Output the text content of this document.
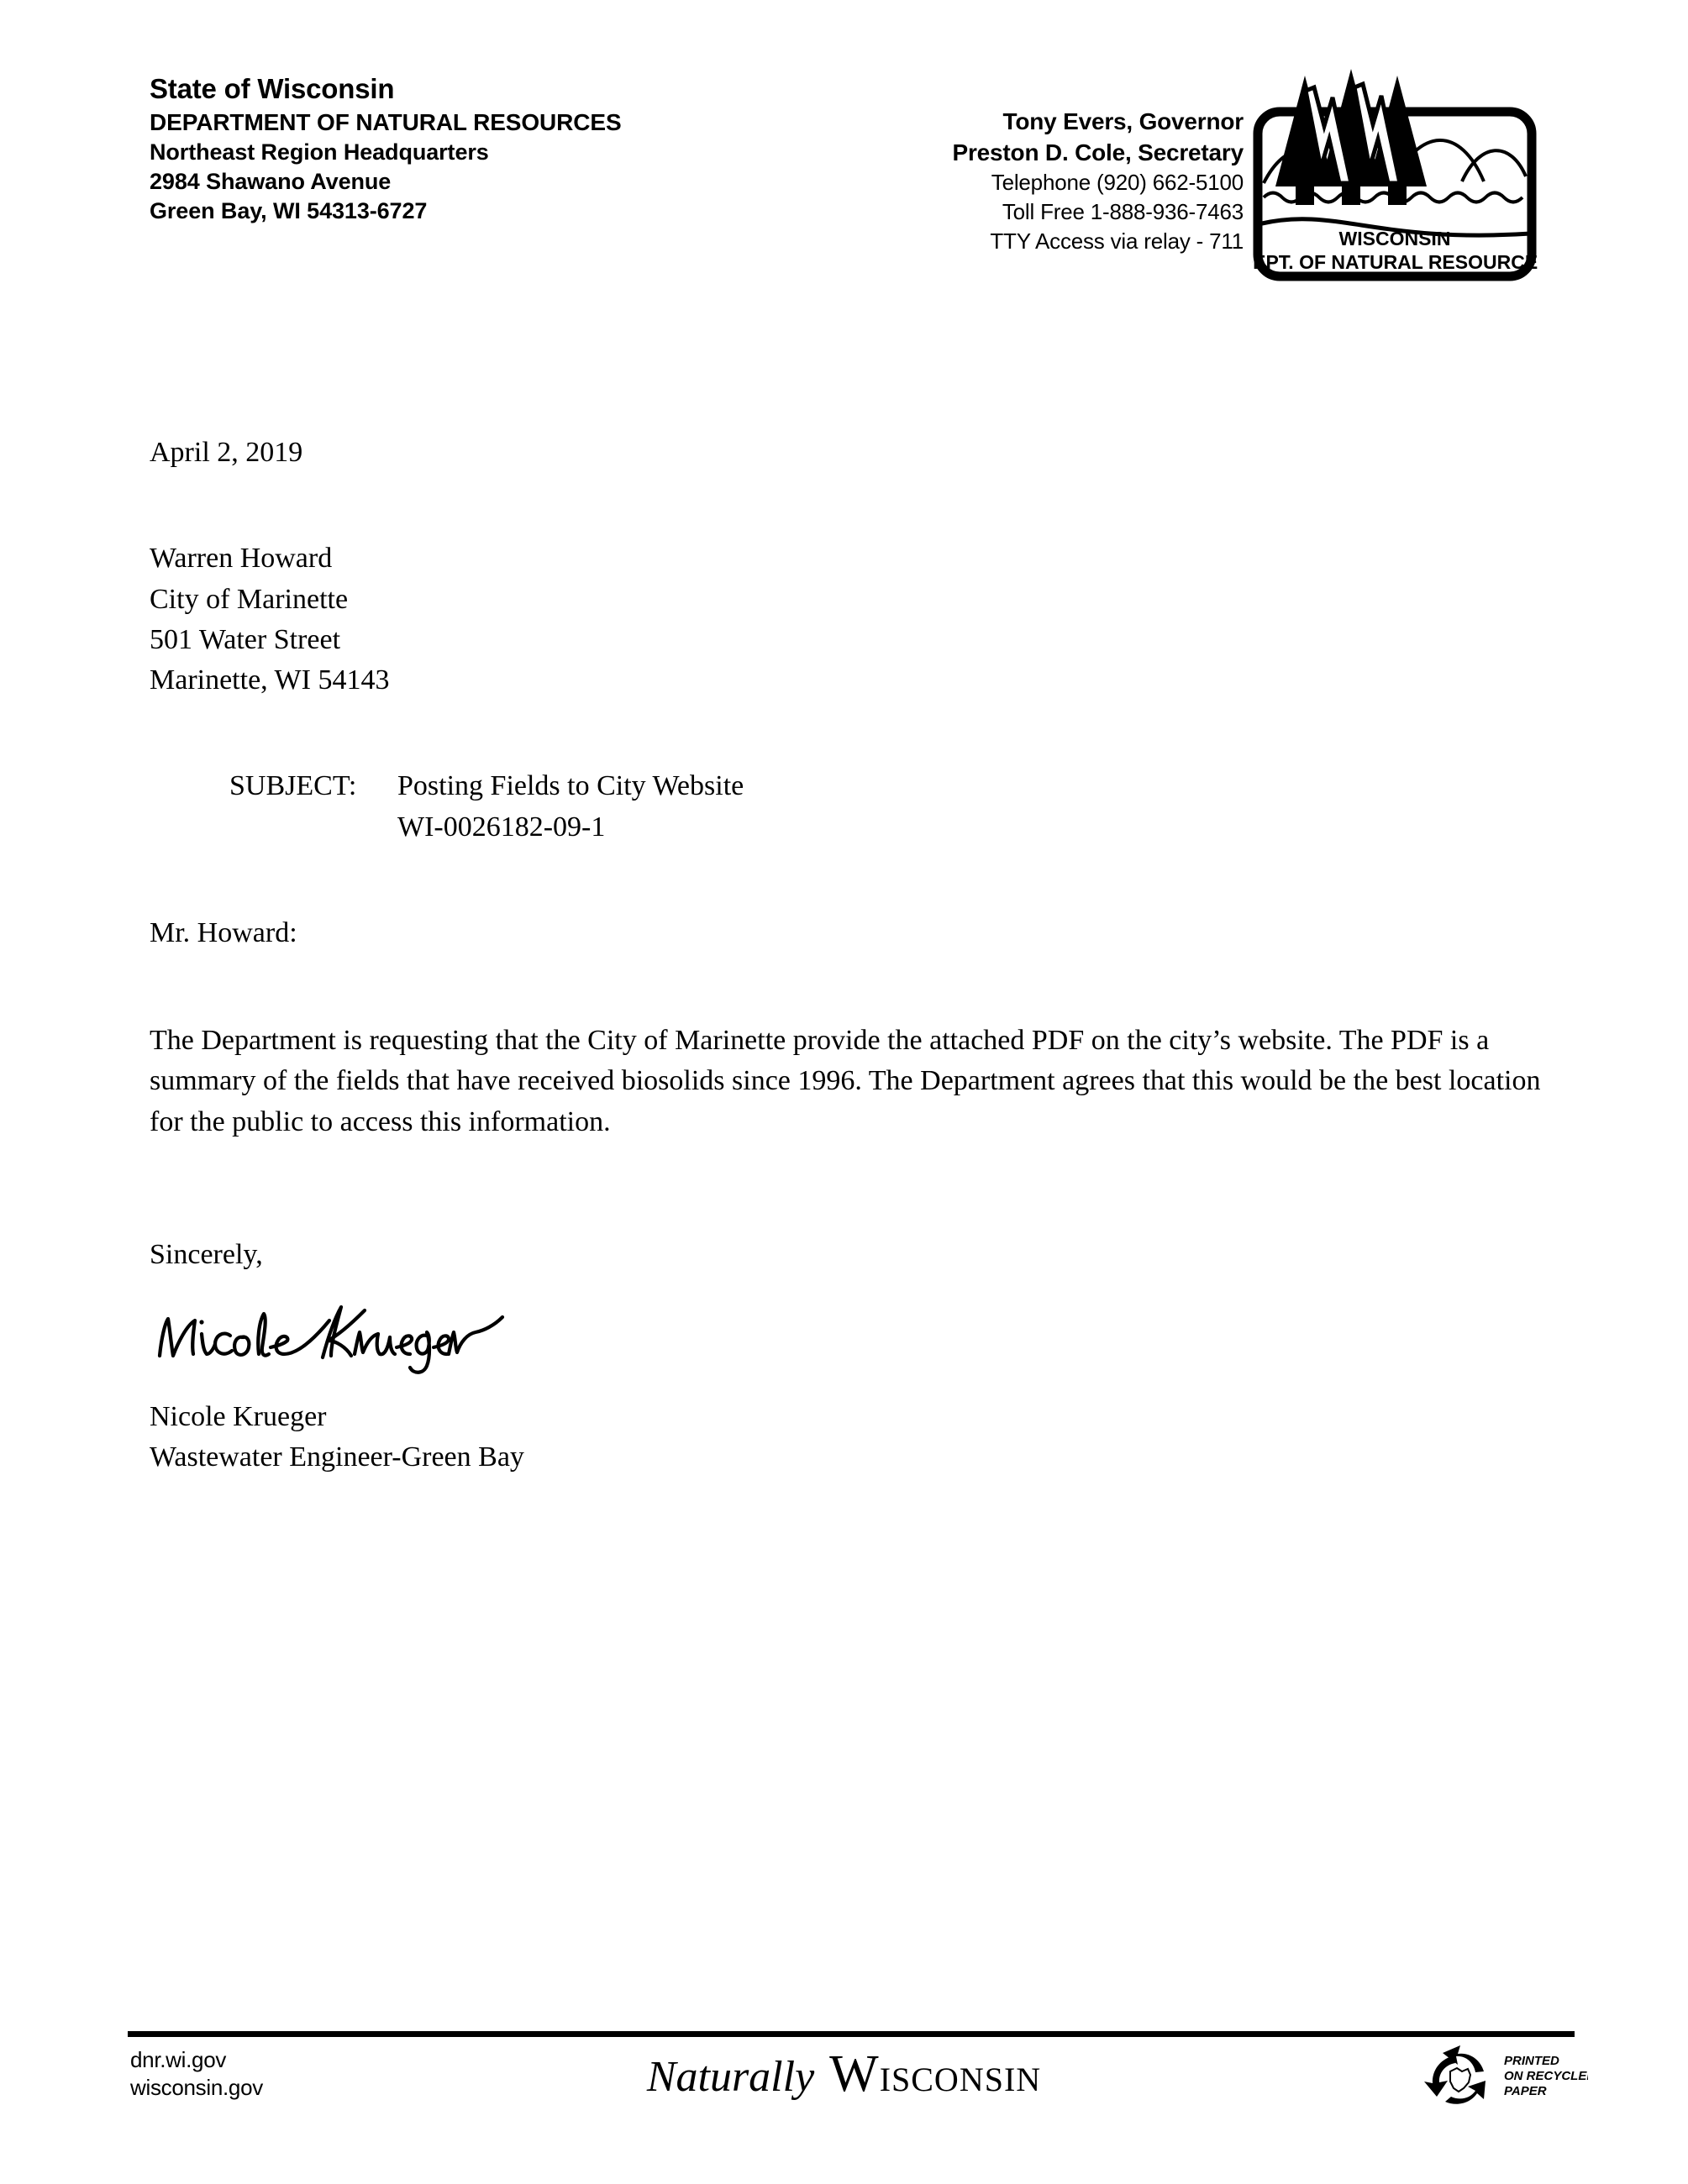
State of Wisconsin
DEPARTMENT OF NATURAL RESOURCES
Northeast Region Headquarters
2984 Shawano Avenue
Green Bay, WI 54313-6727
Tony Evers, Governor
Preston D. Cole, Secretary
Telephone (920) 662-5100
Toll Free 1-888-936-7463
TTY Access via relay - 711	WISCONSIN
DEPT. OF NATURAL RESOURCES
April 2, 2019
Warren Howard
City of Marinette
501 Water Street
Marinette, WI 54143
SUBJECT:	Posting Fields to City Website
WI-0026182-09-1
Mr. Howard:
The Department is requesting that the City of Marinette provide the attached PDF on the city’s website. The PDF is a summary of the fields that have received biosolids since 1996. The Department agrees that this would be the best location for the public to access this information.
Sincerely,
Nicole Krueger
Wastewater Engineer-Green Bay
dnr.wi.gov
wisconsin.gov	Naturally WISCONSIN	PRINTED
ON RECYCLED
PAPER
